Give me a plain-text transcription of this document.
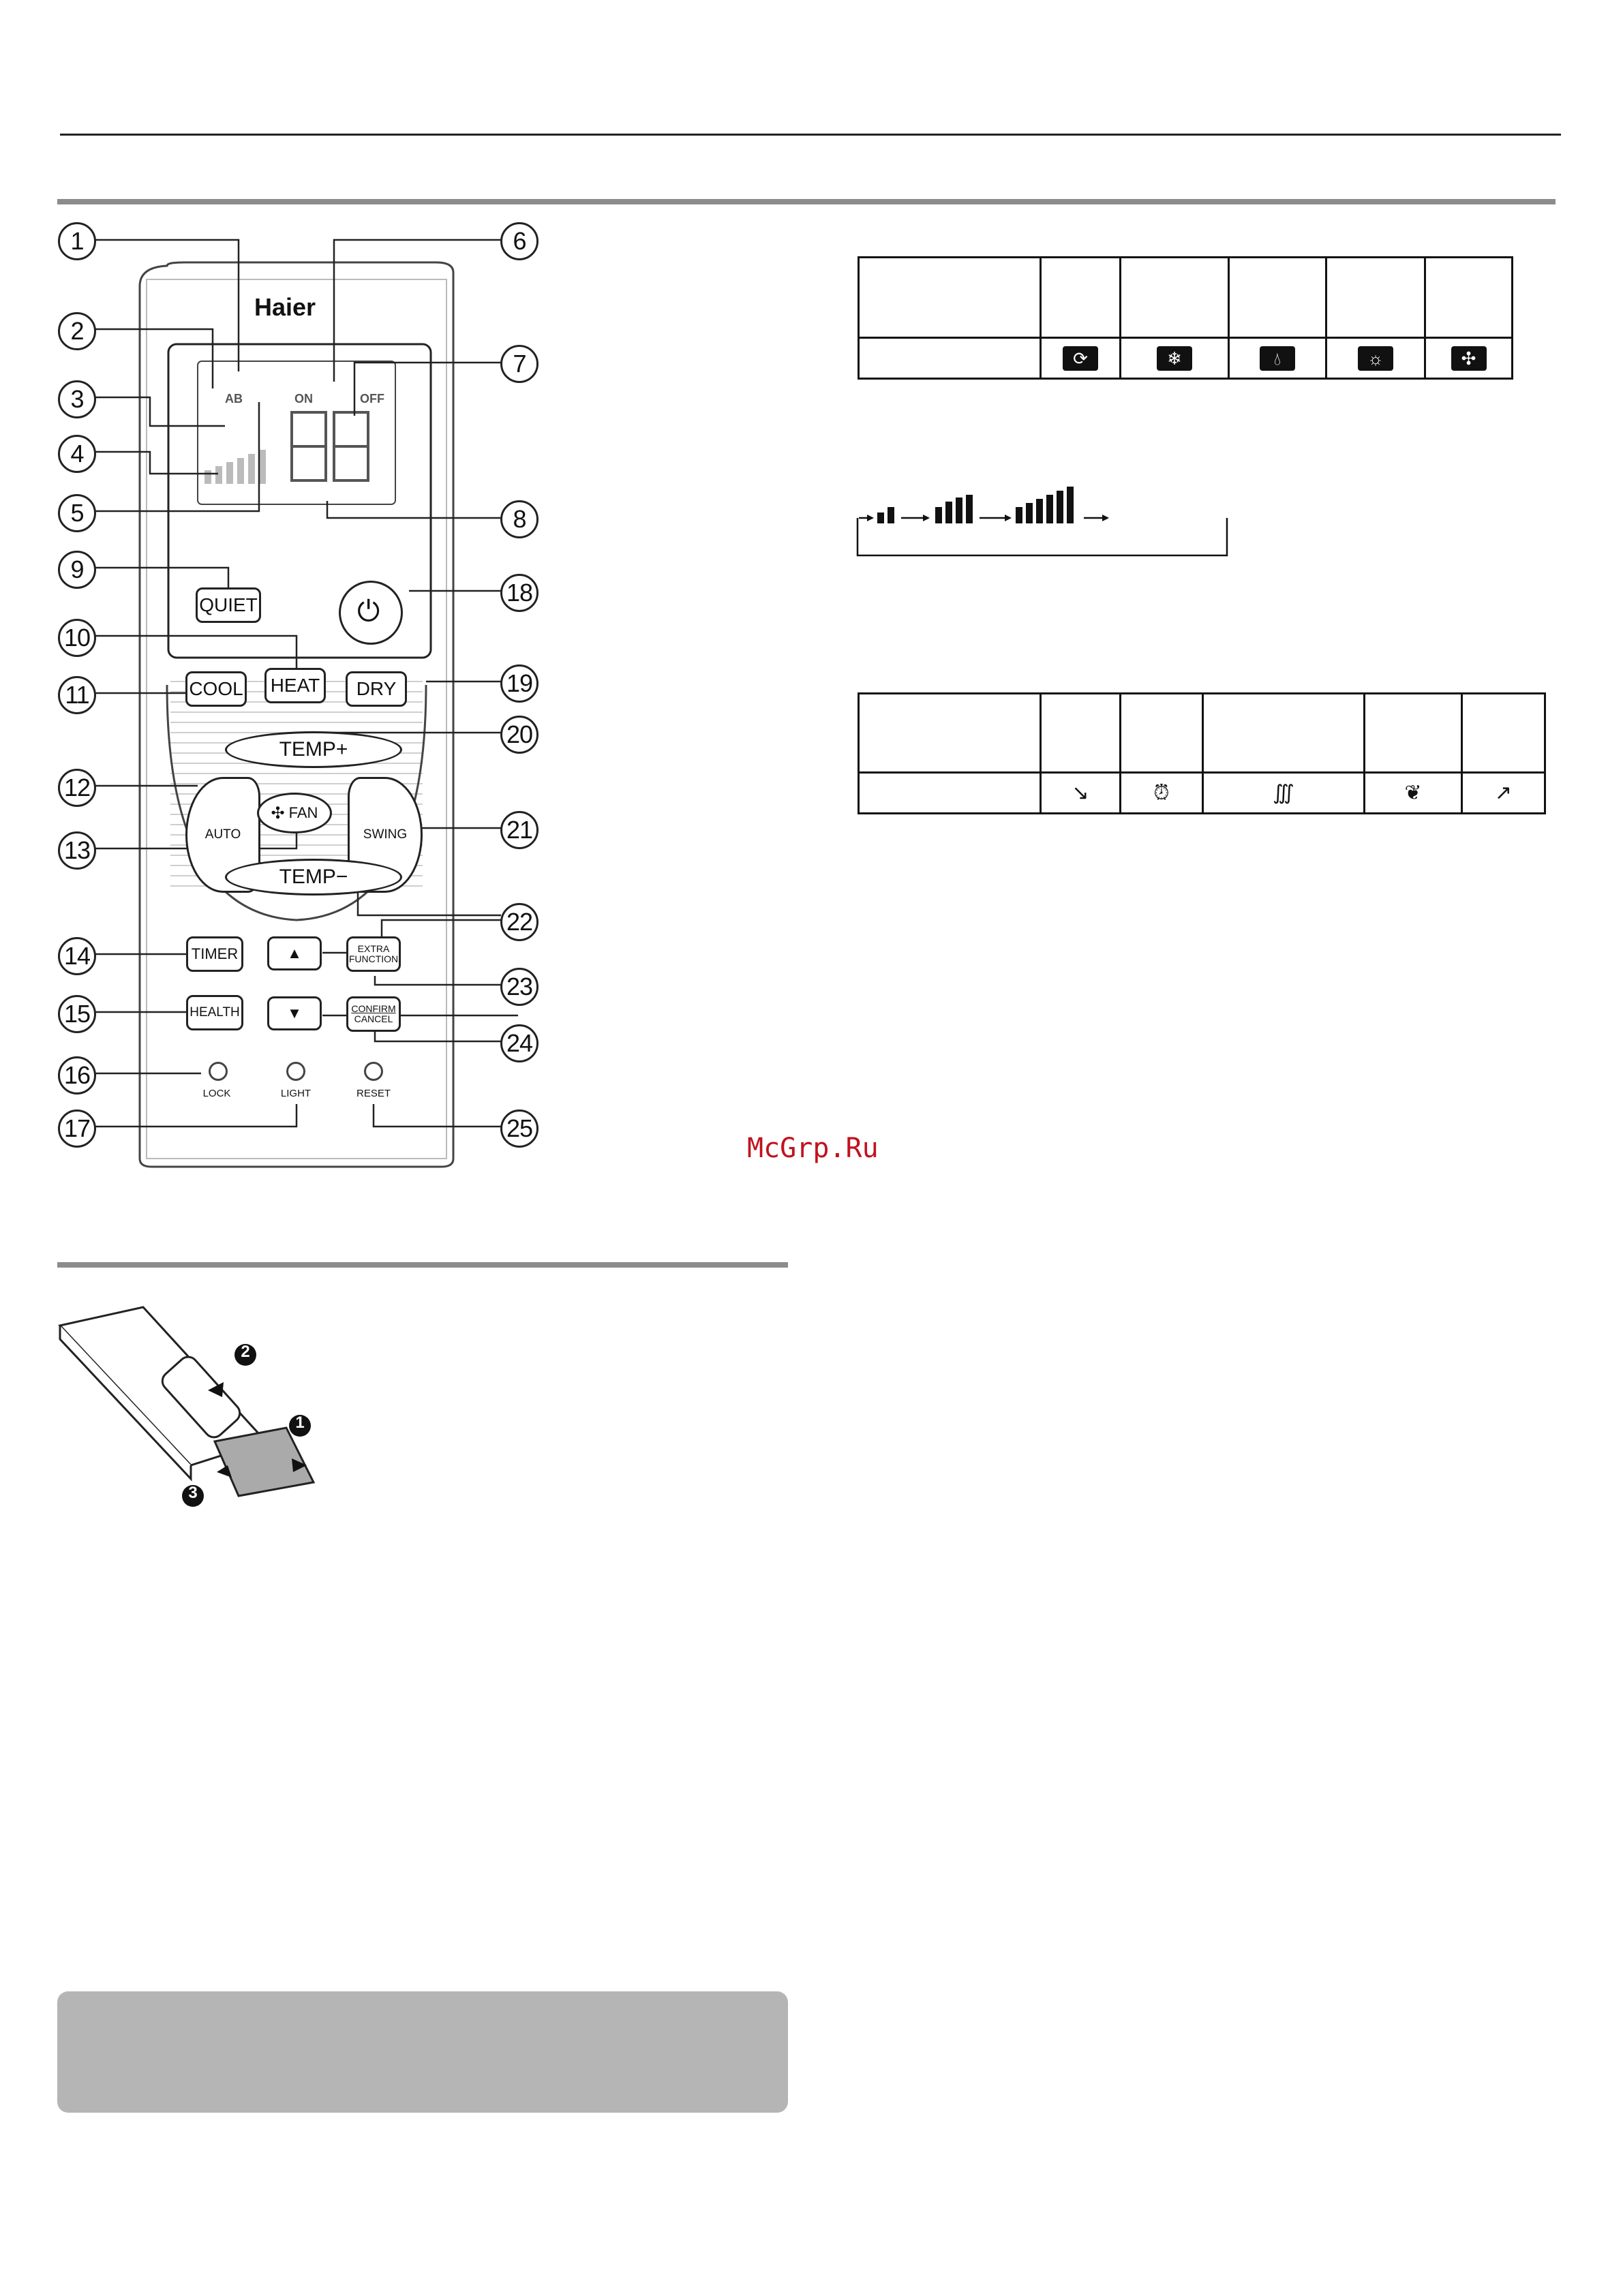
Haier
AB	ON	OFF
QUIET	⏻
HEAT
COOL	DRY
TEMP+
AUTO
✣ FAN
SWING
TEMP−
TIMER	▲	EXTRA
FUNCTION
HEALTH	▼	CONFIRM
CANCEL
LOCK	LIGHT	RESET
1
2
3
4
5
6
7
8
9
10
11
12
13
14
15
16
17
18
19
20
21
22
23
24
25
McGrp.Ru

	⟳	❄	💧︎	☼	✣

	↘	⏰︎	∭	❦	↗
2
1
3
